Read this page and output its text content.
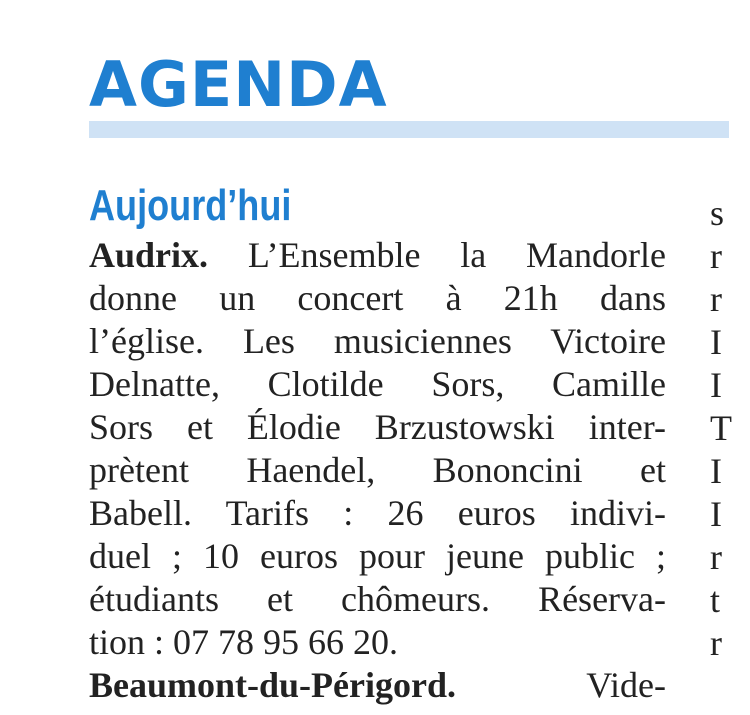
AGENDA
Aujourd’hui
Audrix. L’Ensemble la Mandorle
donne un concert à 21h dans
l’église. Les musiciennes Victoire
Delnatte, Clotilde Sors, Camille
Sors et Élodie Brzustowski inter-
prètent Haendel, Bononcini et
Babell. Tarifs : 26 euros indivi-
duel ; 10 euros pour jeune public ;
étudiants et chômeurs. Réserva-
tion : 07 78 95 66 20.
Beaumont-du-Périgord. Vide-
s
r
r
I
I
T
I
I
r
t
r
